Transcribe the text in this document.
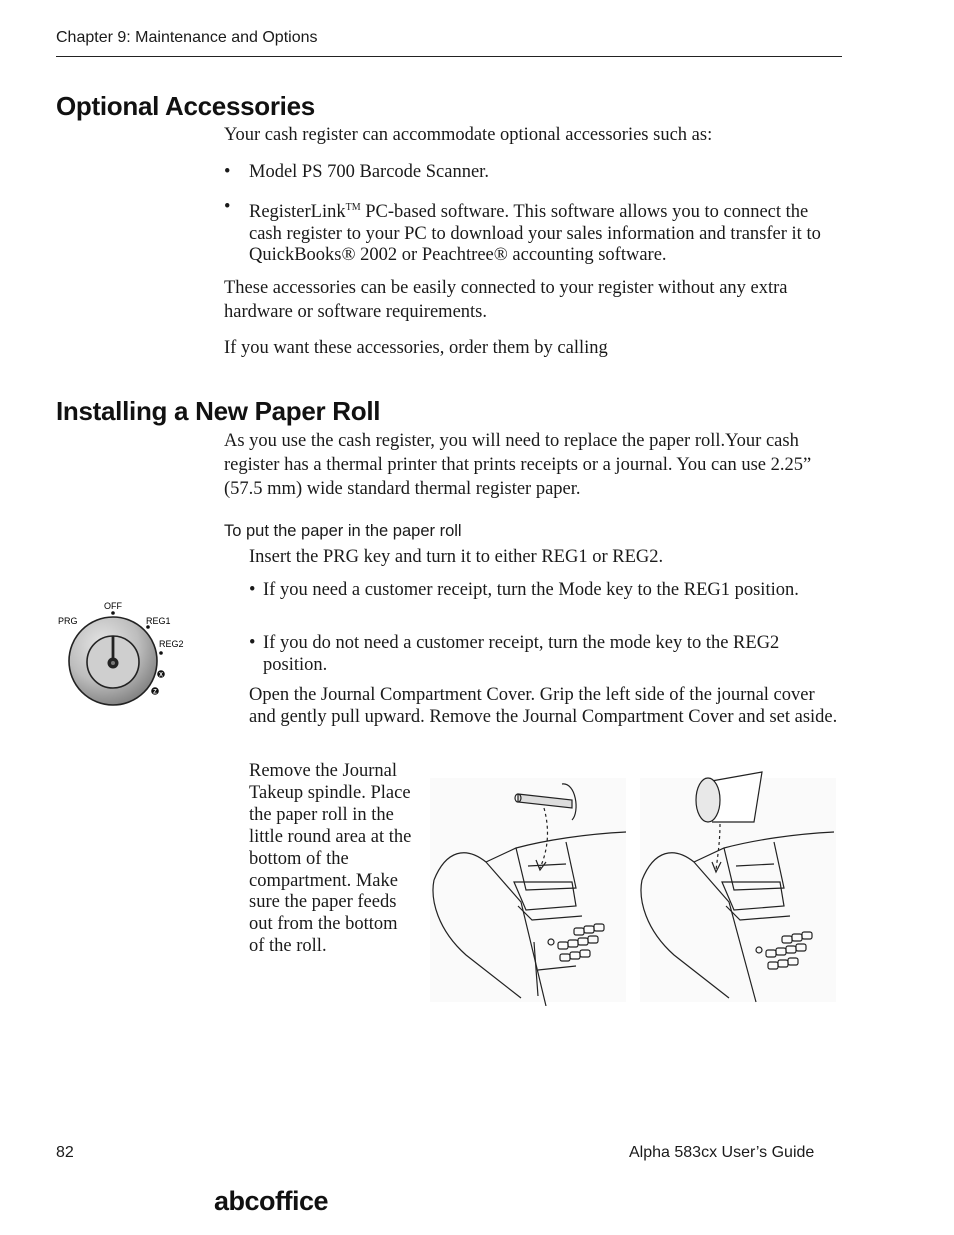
Chapter 9: Maintenance and Options
Optional Accessories

Your cash register can accommodate optional accessories such as:

•	Model PS 700 Barcode Scanner.
•	RegisterLink™ PC-based software. This software allows you to connect the cash register to your PC to download your sales information and transfer it to QuickBooks® 2002 or Peachtree® accounting software.

These accessories can be easily connected to your register without any extra hardware or software requirements.

If you want these accessories, order them by calling

Installing a New Paper Roll

As you use the cash register, you will need to replace the paper roll.Your cash register has a thermal printer that prints receipts or a journal. You can use 2.25” (57.5 mm) wide standard thermal register paper.

To put the paper in the paper roll

Insert the PRG key and turn it to either REG1 or REG2.

• If you need a customer receipt, turn the Mode key to the REG1 position.
• If you do not need a customer receipt, turn the mode key to the REG2 position.

Open the Journal Compartment Cover. Grip the left side of the journal cover and gently pull upward. Remove the Journal Compartment Cover and set aside.

Remove the Journal Takeup spindle. Place the paper roll in the little round area at the bottom of the compartment. Make sure the paper feeds out from the bottom of the roll.

PRG
OFF
REG1
REG2
X
Z
82	Alpha 583cx User’s Guide
abcoffice
